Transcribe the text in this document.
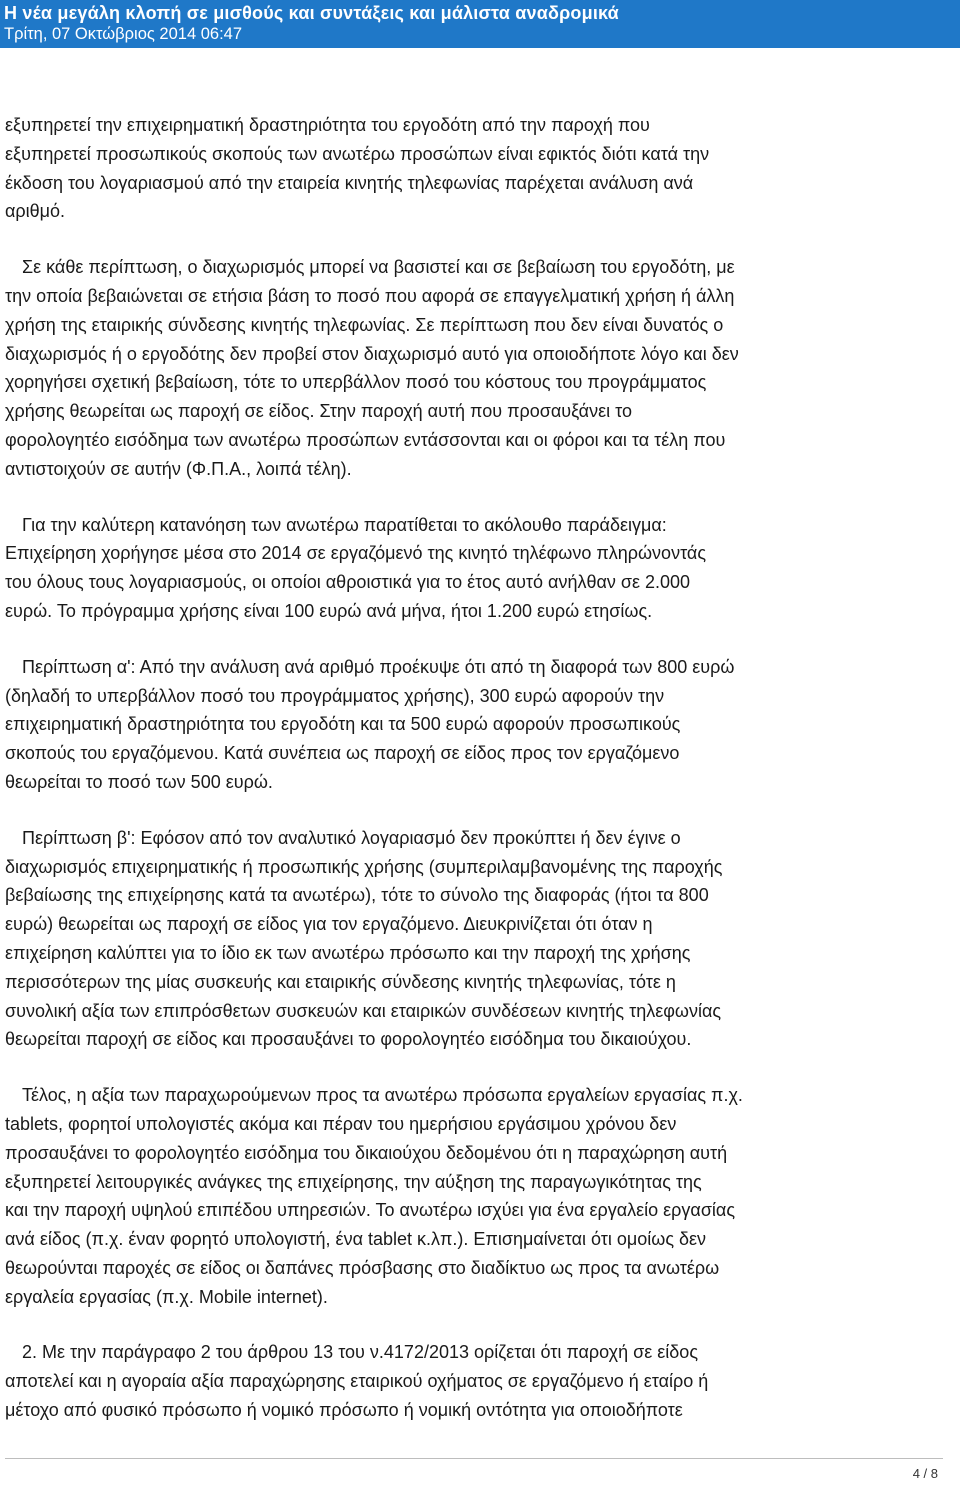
Η νέα μεγάλη κλοπή σε μισθούς και συντάξεις και μάλιστα αναδρομικά
Τρίτη, 07 Οκτώβριος 2014 06:47
εξυπηρετεί την επιχειρηματική δραστηριότητα του εργοδότη από την παροχή που
εξυπηρετεί προσωπικούς σκοπούς των ανωτέρω προσώπων είναι εφικτός διότι κατά την
έκδοση του λογαριασμού από την εταιρεία κινητής τηλεφωνίας παρέχεται ανάλυση ανά
αριθμό.
Σε κάθε περίπτωση, ο διαχωρισμός μπορεί να βασιστεί και σε βεβαίωση του εργοδότη, με
την οποία βεβαιώνεται σε ετήσια βάση το ποσό που αφορά σε επαγγελματική χρήση ή άλλη
χρήση της εταιρικής σύνδεσης κινητής τηλεφωνίας. Σε περίπτωση που δεν είναι δυνατός ο
διαχωρισμός ή ο εργοδότης δεν προβεί στον διαχωρισμό αυτό για οποιοδήποτε λόγο και δεν
χορηγήσει σχετική βεβαίωση, τότε το υπερβάλλον ποσό του κόστους του προγράμματος
χρήσης θεωρείται ως παροχή σε είδος. Στην παροχή αυτή που προσαυξάνει το
φορολογητέο εισόδημα των ανωτέρω προσώπων εντάσσονται και οι φόροι και τα τέλη που
αντιστοιχούν σε αυτήν (Φ.Π.Α., λοιπά τέλη).
Για την καλύτερη κατανόηση των ανωτέρω παρατίθεται το ακόλουθο παράδειγμα:
Επιχείρηση χορήγησε μέσα στο 2014 σε εργαζόμενό της κινητό τηλέφωνο πληρώνοντάς
του όλους τους λογαριασμούς, οι οποίοι αθροιστικά για το έτος αυτό ανήλθαν σε 2.000
ευρώ. Το πρόγραμμα χρήσης είναι 100 ευρώ ανά μήνα, ήτοι 1.200 ευρώ ετησίως.
Περίπτωση α': Από την ανάλυση ανά αριθμό προέκυψε ότι από τη διαφορά των 800 ευρώ
(δηλαδή το υπερβάλλον ποσό του προγράμματος χρήσης), 300 ευρώ αφορούν την
επιχειρηματική δραστηριότητα του εργοδότη και τα 500 ευρώ αφορούν προσωπικούς
σκοπούς του εργαζόμενου. Κατά συνέπεια ως παροχή σε είδος προς τον εργαζόμενο
θεωρείται το ποσό των 500 ευρώ.
Περίπτωση β': Εφόσον από τον αναλυτικό λογαριασμό δεν προκύπτει ή δεν έγινε ο
διαχωρισμός επιχειρηματικής ή προσωπικής χρήσης (συμπεριλαμβανομένης της παροχής
βεβαίωσης της επιχείρησης κατά τα ανωτέρω), τότε το σύνολο της διαφοράς (ήτοι τα 800
ευρώ) θεωρείται ως παροχή σε είδος για τον εργαζόμενο. Διευκρινίζεται ότι όταν η
επιχείρηση καλύπτει για το ίδιο εκ των ανωτέρω πρόσωπο και την παροχή της χρήσης
περισσότερων της μίας συσκευής και εταιρικής σύνδεσης κινητής τηλεφωνίας, τότε η
συνολική αξία των επιπρόσθετων συσκευών και εταιρικών συνδέσεων κινητής τηλεφωνίας
θεωρείται παροχή σε είδος και προσαυξάνει το φορολογητέο εισόδημα του δικαιούχου.
Τέλος, η αξία των παραχωρούμενων προς τα ανωτέρω πρόσωπα εργαλείων εργασίας π.χ.
tablets, φορητοί υπολογιστές ακόμα και πέραν του ημερήσιου εργάσιμου χρόνου δεν
προσαυξάνει το φορολογητέο εισόδημα του δικαιούχου δεδομένου ότι η παραχώρηση αυτή
εξυπηρετεί λειτουργικές ανάγκες της επιχείρησης, την αύξηση της παραγωγικότητας της
και την παροχή υψηλού επιπέδου υπηρεσιών. Το ανωτέρω ισχύει για ένα εργαλείο εργασίας
ανά είδος (π.χ. έναν φορητό υπολογιστή, ένα tablet κ.λπ.). Επισημαίνεται ότι ομοίως δεν
θεωρούνται παροχές σε είδος οι δαπάνες πρόσβασης στο διαδίκτυο ως προς τα ανωτέρω
εργαλεία εργασίας (π.χ. Mobile internet).
2. Με την παράγραφο 2 του άρθρου 13 του ν.4172/2013 ορίζεται ότι παροχή σε είδος
αποτελεί και η αγοραία αξία παραχώρησης εταιρικού οχήματος σε εργαζόμενο ή εταίρο ή
μέτοχο από φυσικό πρόσωπο ή νομικό πρόσωπο ή νομική οντότητα για οποιοδήποτε
4 / 8
